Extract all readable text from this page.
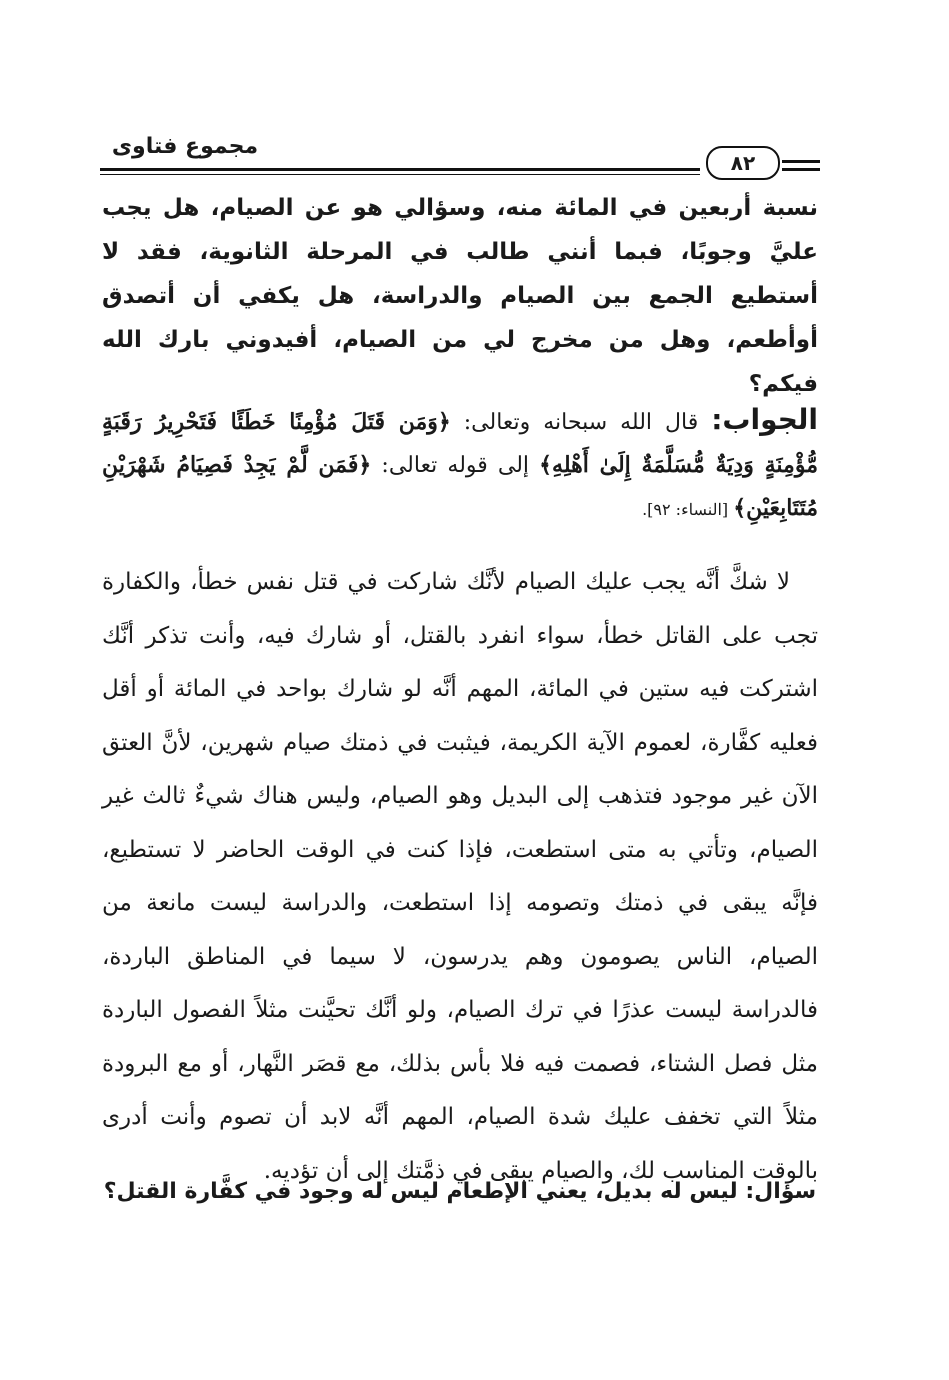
مجموع فتاوى
٨٢
نسبة أربعين في المائة منه، وسؤالي هو عن الصيام، هل يجب عليَّ وجوبًا، فبما أنني طالب في المرحلة الثانوية، فقد لا أستطيع الجمع بين الصيام والدراسة، هل يكفي أن أتصدق أوأطعم، وهل من مخرج لي من الصيام، أفيدوني بارك الله فيكم؟
الجواب: قال الله سبحانه وتعالى: ﴿وَمَن قَتَلَ مُؤْمِنًا خَطَئًا فَتَحْرِيرُ رَقَبَةٍ مُّؤْمِنَةٍ وَدِيَةٌ مُّسَلَّمَةٌ إِلَىٰ أَهْلِهِ﴾ إلى قوله تعالى: ﴿فَمَن لَّمْ يَجِدْ فَصِيَامُ شَهْرَيْنِ مُتَتَابِعَيْنِ﴾ [النساء: ٩٢].

لا شكَّ أنَّه يجب عليك الصيام لأنَّك شاركت في قتل نفس خطأ، والكفارة تجب على القاتل خطأ، سواء انفرد بالقتل، أو شارك فيه، وأنت تذكر أنَّك اشتركت فيه ستين في المائة، المهم أنَّه لو شارك بواحد في المائة أو أقل فعليه كفَّارة، لعموم الآية الكريمة، فيثبت في ذمتك صيام شهرين، لأنَّ العتق الآن غير موجود فتذهب إلى البديل وهو الصيام، وليس هناك شيءٌ ثالث غير الصيام، وتأتي به متى استطعت، فإذا كنت في الوقت الحاضر لا تستطيع، فإنَّه يبقى في ذمتك وتصومه إذا استطعت، والدراسة ليست مانعة من الصيام، الناس يصومون وهم يدرسون، لا سيما في المناطق الباردة، فالدراسة ليست عذرًا في ترك الصيام، ولو أنَّك تحيَّنت مثلاً الفصول الباردة مثل فصل الشتاء، فصمت فيه فلا بأس بذلك، مع قصَر النَّهار، أو مع البرودة مثلاً التي تخفف عليك شدة الصيام، المهم أنَّه لابد أن تصوم وأنت أدرى بالوقت المناسب لك، والصيام يبقى في ذمَّتك إلى أن تؤديه.

سؤال: ليس له بديل، يعني الإطعام ليس له وجود في كفَّارة القتل؟
